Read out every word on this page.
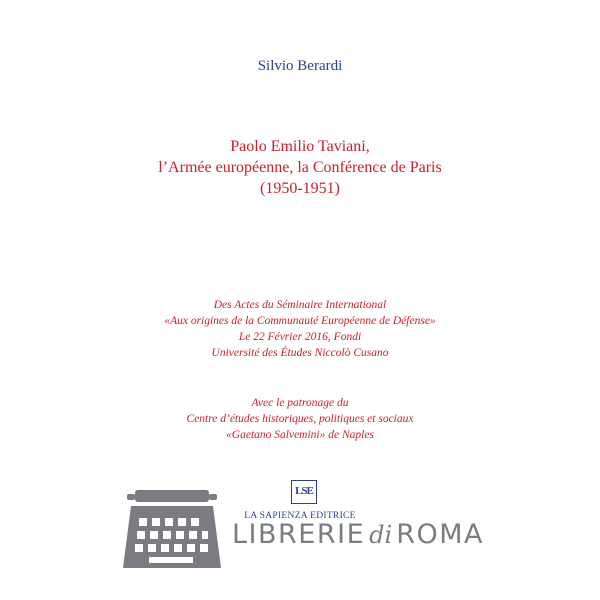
Silvio Berardi
Paolo Emilio Taviani,
l’Armée européenne, la Conférence de Paris
(1950-1951)
Des Actes du Séminaire International
«Aux origines de la Communauté Européenne de Défense»
Le 22 Février 2016, Fondi
Université des Études Niccolò Cusano
Avec le patronage du
Centre d’études historiques, politiques et sociaux
«Gaetano Salvemini» de Naples
LSE
LA SAPIENZA EDITRICE
LIBRERIE di ROMA
